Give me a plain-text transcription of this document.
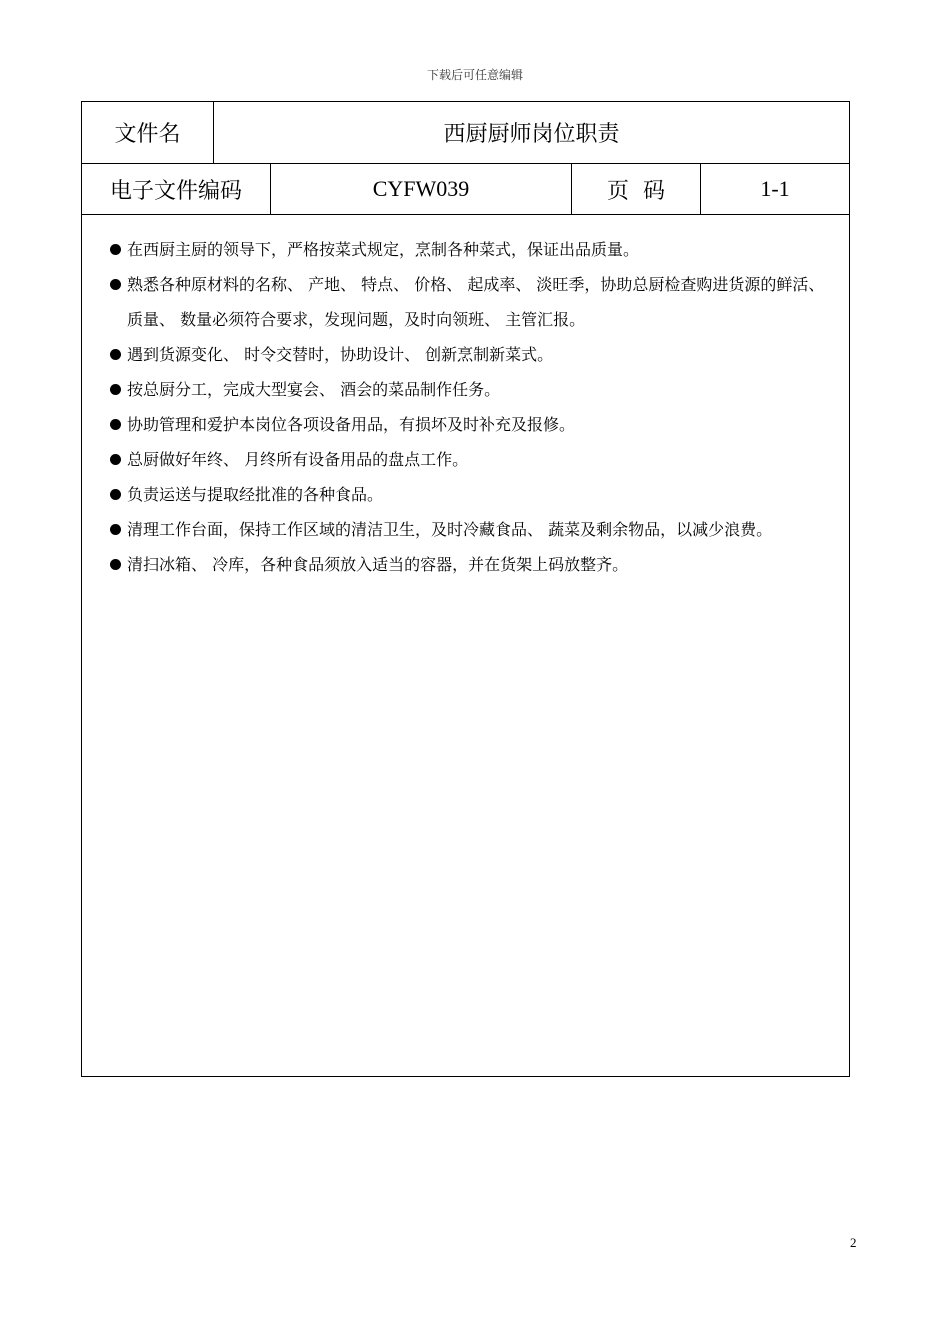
下载后可任意编辑
文件名	西厨厨师岗位职责
电子文件编码	CYFW039	页  码	1-1
在西厨主厨的领导下，严格按菜式规定，烹制各种菜式，保证出品质量。
熟悉各种原材料的名称、 产地、 特点、 价格、 起成率、 淡旺季，协助总厨检查购进货源的鲜活、 质量、 数量必须符合要求，发现问题，及时向领班、 主管汇报。
遇到货源变化、 时令交替时，协助设计、 创新烹制新菜式。
按总厨分工，完成大型宴会、 酒会的菜品制作任务。
协助管理和爱护本岗位各项设备用品，有损坏及时补充及报修。
总厨做好年终、 月终所有设备用品的盘点工作。
负责运送与提取经批准的各种食品。
清理工作台面，保持工作区域的清洁卫生，及时冷藏食品、 蔬菜及剩余物品，以减少浪费。
清扫冰箱、 冷库，各种食品须放入适当的容器，并在货架上码放整齐。
2
